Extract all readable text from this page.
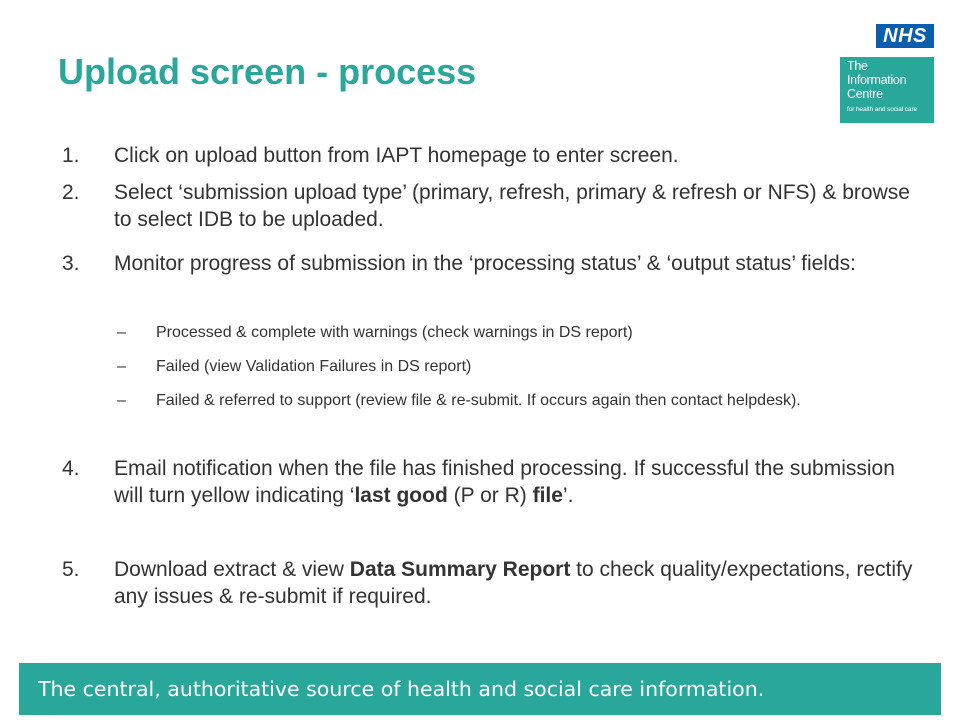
Upload screen - process
NHS
The
Information
Centre
for health and social care
1. Click on upload button from IAPT homepage to enter screen.
2. Select ‘submission upload type’ (primary, refresh, primary & refresh or NFS) & browse to select IDB to be uploaded.
3. Monitor progress of submission in the ‘processing status’ & ‘output status’ fields:
– Processed & complete with warnings (check warnings in DS report)
– Failed (view Validation Failures in DS report)
– Failed & referred to support (review file & re-submit. If occurs again then contact helpdesk).
4. Email notification when the file has finished processing. If successful the submission will turn yellow indicating ‘last good (P or R) file’.
5. Download extract & view Data Summary Report to check quality/expectations, rectify any issues & re-submit if required.

The central, authoritative source of health and social care information.
